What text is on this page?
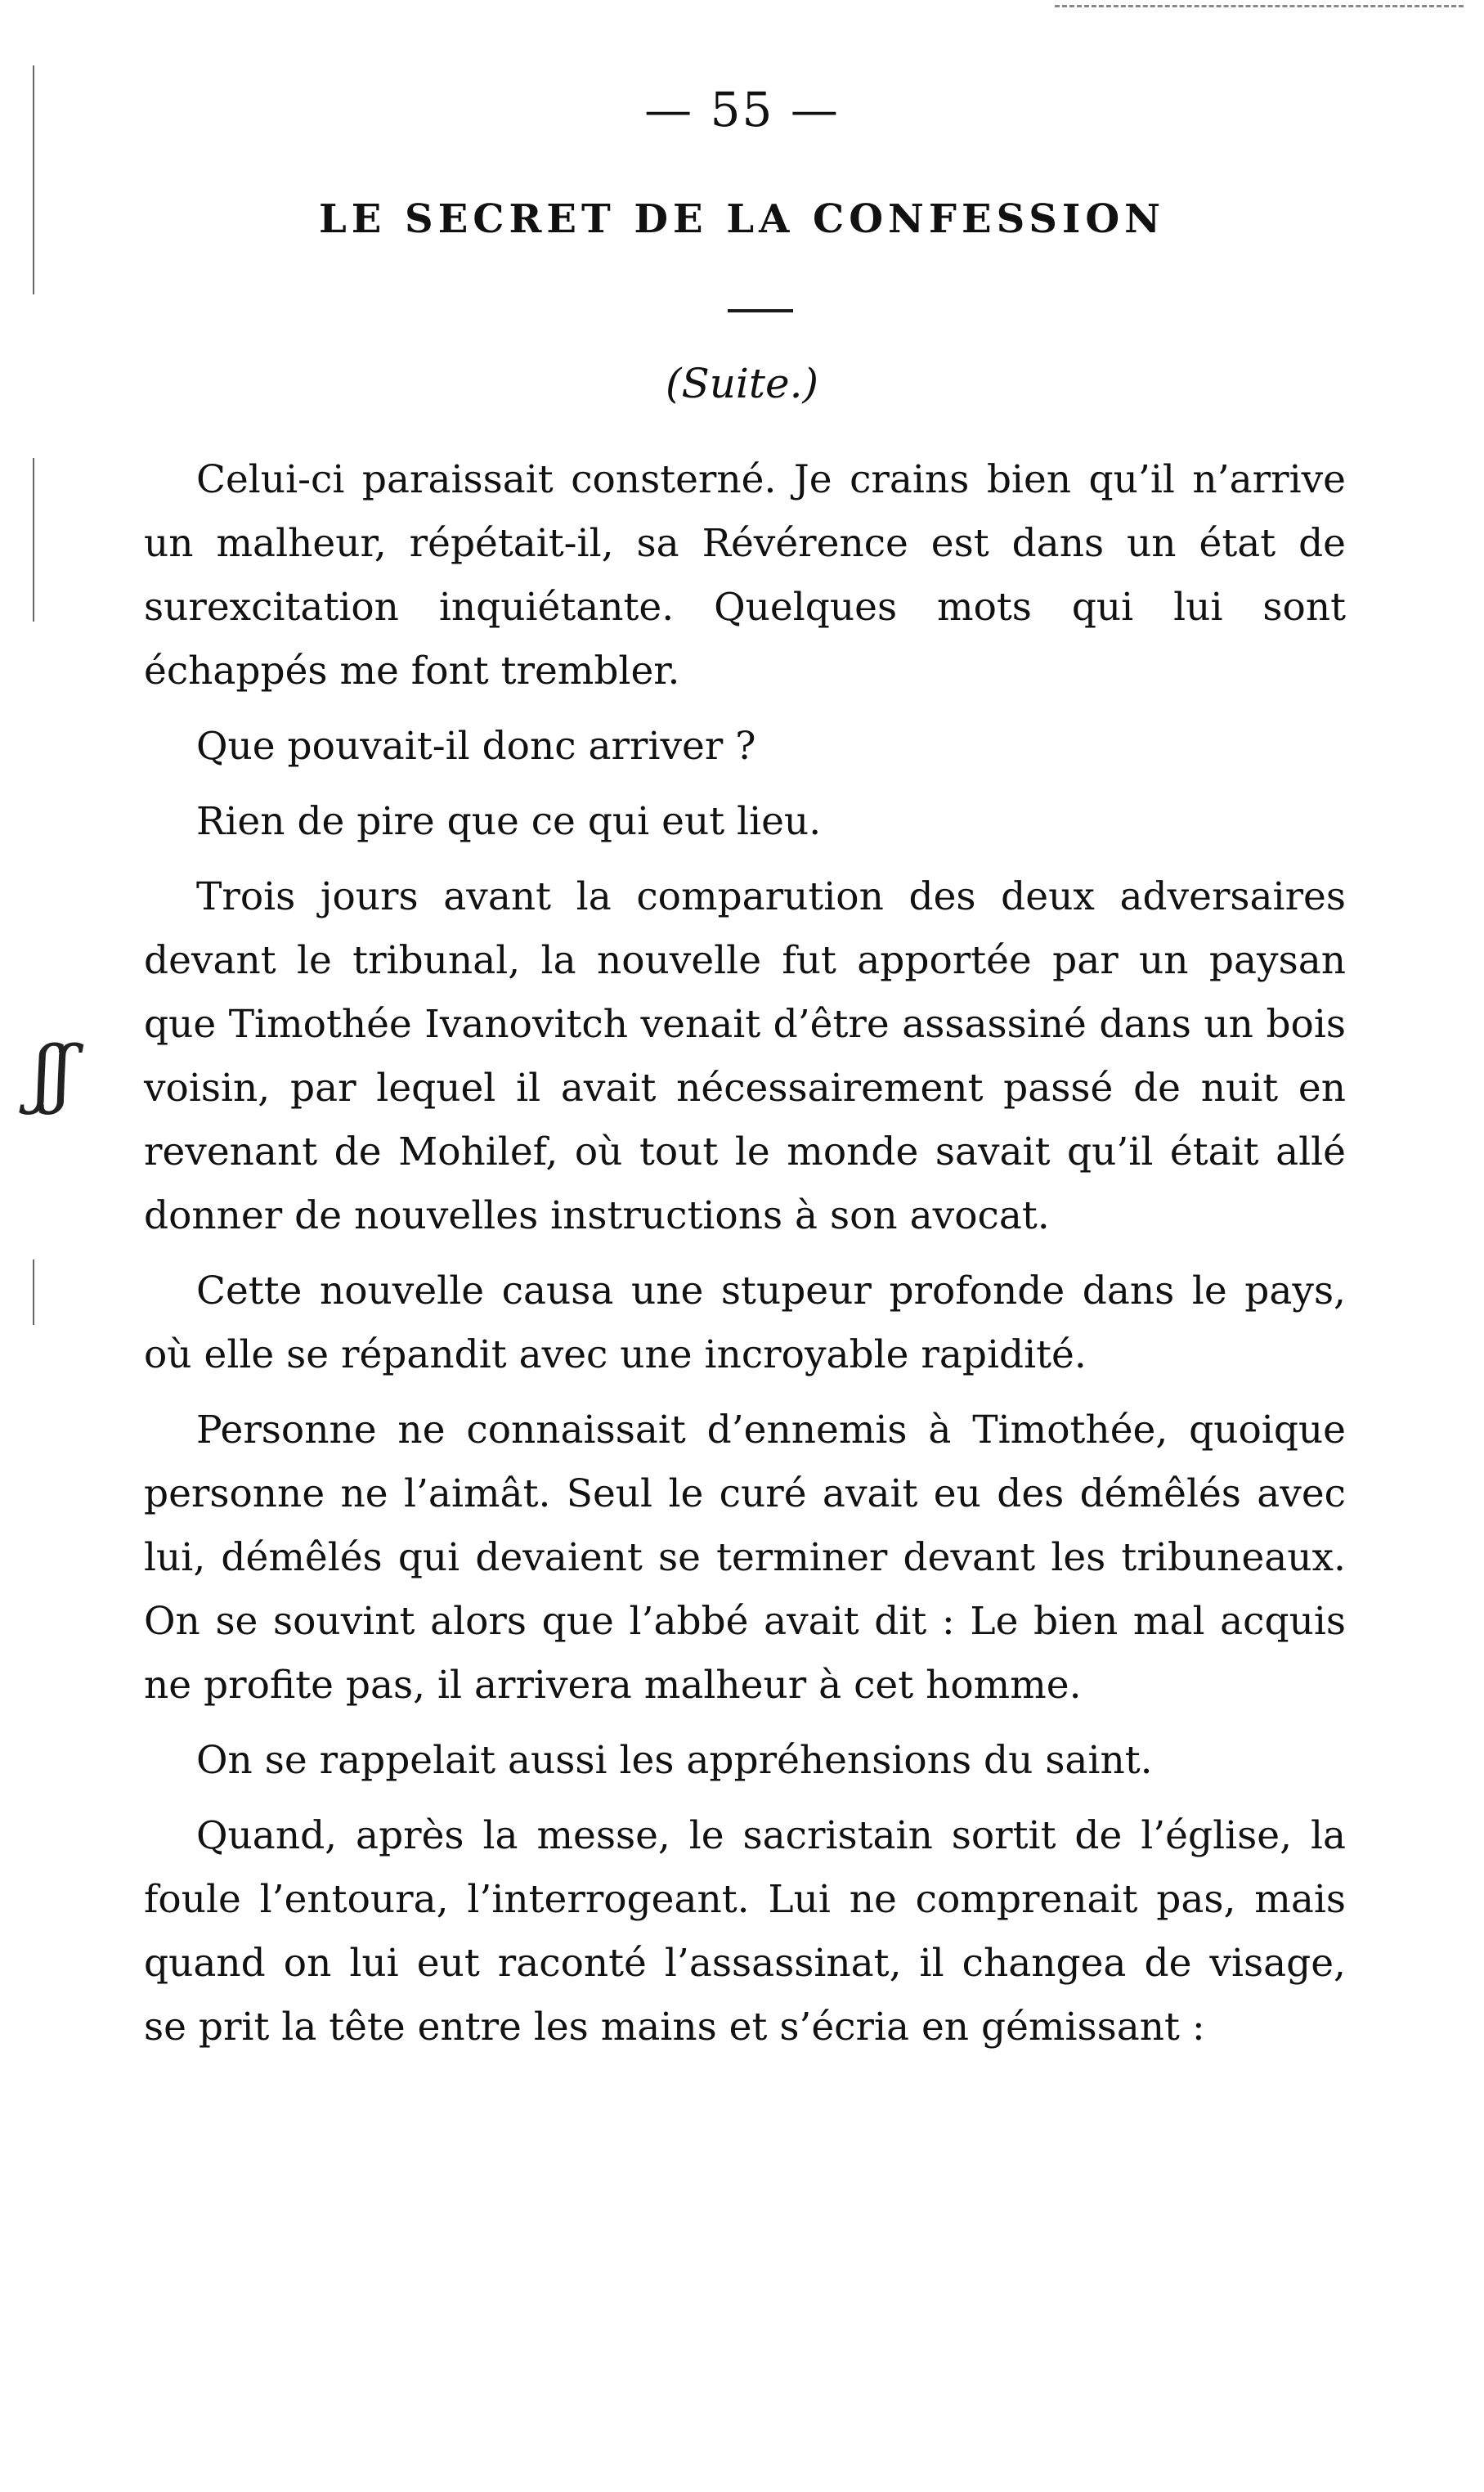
ʃʃ
— 55 —
LE SECRET DE LA CONFESSION
(Suite.)

Celui-ci paraissait consterné. Je crains bien qu’il n’arrive un malheur, répétait-il, sa Révérence est dans un état de surexcitation inquiétante. Quelques mots qui lui sont échappés me font trembler.

Que pouvait-il donc arriver ?

Rien de pire que ce qui eut lieu.

Trois jours avant la comparution des deux adversaires devant le tribunal, la nouvelle fut apportée par un paysan que Timothée Ivanovitch venait d’être assassiné dans un bois voisin, par lequel il avait nécessairement passé de nuit en revenant de Mohilef, où tout le monde savait qu’il était allé donner de nouvelles instructions à son avocat.

Cette nouvelle causa une stupeur profonde dans le pays, où elle se répandit avec une incroyable rapidité.

Personne ne connaissait d’ennemis à Timothée, quoique personne ne l’aimât. Seul le curé avait eu des démêlés avec lui, démêlés qui devaient se terminer devant les tribuneaux. On se souvint alors que l’abbé avait dit : Le bien mal acquis ne profite pas, il arrivera malheur à cet homme.

On se rappelait aussi les appréhensions du saint.

Quand, après la messe, le sacristain sortit de l’église, la foule l’entoura, l’interrogeant. Lui ne comprenait pas, mais quand on lui eut raconté l’assassinat, il changea de visage, se prit la tête entre les mains et s’écria en gémissant :
